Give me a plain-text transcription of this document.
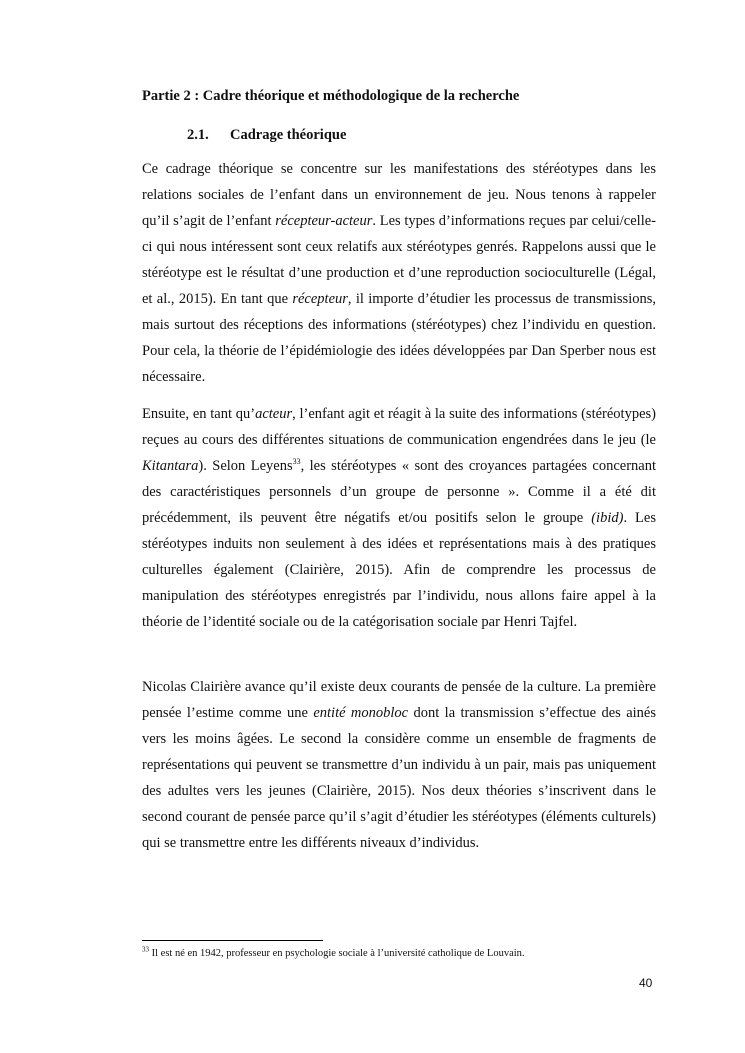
Partie 2 : Cadre théorique et méthodologique de la recherche
2.1. Cadrage théorique

Ce cadrage théorique se concentre sur les manifestations des stéréotypes dans les relations sociales de l’enfant dans un environnement de jeu. Nous tenons à rappeler qu’il s’agit de l’enfant récepteur-acteur. Les types d’informations reçues par celui/celle-ci qui nous intéressent sont ceux relatifs aux stéréotypes genrés. Rappelons aussi que le stéréotype est le résultat d’une production et d’une reproduction socioculturelle (Légal, et al., 2015). En tant que récepteur, il importe d’étudier les processus de transmissions, mais surtout des réceptions des informations (stéréotypes) chez l’individu en question. Pour cela, la théorie de l’épidémiologie des idées développées par Dan Sperber nous est nécessaire.

Ensuite, en tant qu’acteur, l’enfant agit et réagit à la suite des informations (stéréotypes) reçues au cours des différentes situations de communication engendrées dans le jeu (le Kitantara). Selon Leyens$^{33}$, les stéréotypes « sont des croyances partagées concernant des caractéristiques personnels d’un groupe de personne ». Comme il a été dit précédemment, ils peuvent être négatifs et/ou positifs selon le groupe (ibid). Les stéréotypes induits non seulement à des idées et représentations mais à des pratiques culturelles également (Clairière, 2015). Afin de comprendre les processus de manipulation des stéréotypes enregistrés par l’individu, nous allons faire appel à la théorie de l’identité sociale ou de la catégorisation sociale par Henri Tajfel.

Nicolas Clairière avance qu’il existe deux courants de pensée de la culture. La première pensée l’estime comme une entité monobloc dont la transmission s’effectue des ainés vers les moins âgées. Le second la considère comme un ensemble de fragments de représentations qui peuvent se transmettre d’un individu à un pair, mais pas uniquement des adultes vers les jeunes (Clairière, 2015). Nos deux théories s’inscrivent dans le second courant de pensée parce qu’il s’agit d’étudier les stéréotypes (éléments culturels) qui se transmettre entre les différents niveaux d’individus.

$^{33}$ Il est né en 1942, professeur en psychologie sociale à l’université catholique de Louvain.
40
